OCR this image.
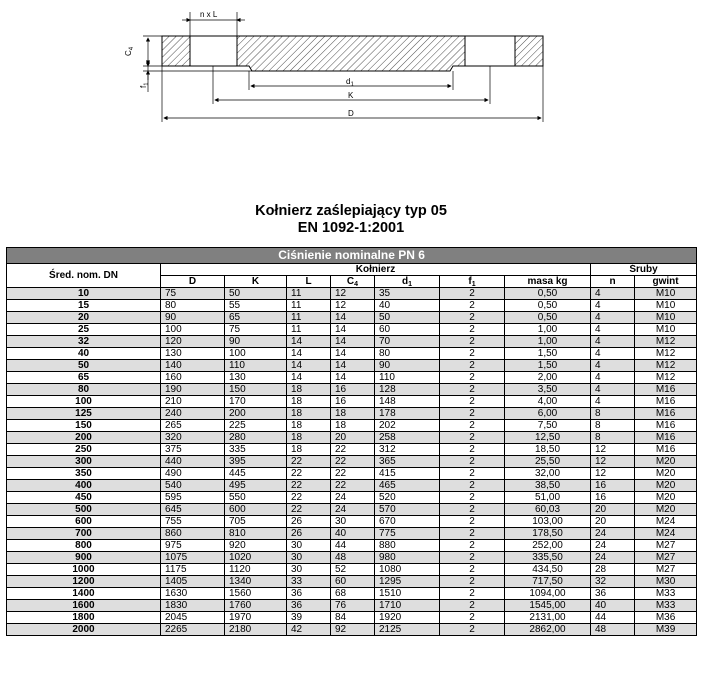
n x L
$C_4$
$f_1$	$d_1$
K
D
Kołnierz zaślepiający typ 05
EN 1092-1:2001
Ciśnienie nominalne PN 6									
Śred. nom. DN	Kołnierz							Śruby	
	D	K	L	$C_4$	$d_1$	$f_1$	masa kg	n	gwint
10	75	50	11	12	35	2	0,50	4	M10
15	80	55	11	12	40	2	0,50	4	M10
20	90	65	11	14	50	2	0,50	4	M10
25	100	75	11	14	60	2	1,00	4	M10
32	120	90	14	14	70	2	1,00	4	M12
40	130	100	14	14	80	2	1,50	4	M12
50	140	110	14	14	90	2	1,50	4	M12
65	160	130	14	14	110	2	2,00	4	M12
80	190	150	18	16	128	2	3,50	4	M16
100	210	170	18	16	148	2	4,00	4	M16
125	240	200	18	18	178	2	6,00	8	M16
150	265	225	18	18	202	2	7,50	8	M16
200	320	280	18	20	258	2	12,50	8	M16
250	375	335	18	22	312	2	18,50	12	M16
300	440	395	22	22	365	2	25,50	12	M20
350	490	445	22	22	415	2	32,00	12	M20
400	540	495	22	22	465	2	38,50	16	M20
450	595	550	22	24	520	2	51,00	16	M20
500	645	600	22	24	570	2	60,03	20	M20
600	755	705	26	30	670	2	103,00	20	M24
700	860	810	26	40	775	2	178,50	24	M24
800	975	920	30	44	880	2	252,00	24	M27
900	1075	1020	30	48	980	2	335,50	24	M27
1000	1175	1120	30	52	1080	2	434,50	28	M27
1200	1405	1340	33	60	1295	2	717,50	32	M30
1400	1630	1560	36	68	1510	2	1094,00	36	M33
1600	1830	1760	36	76	1710	2	1545,00	40	M33
1800	2045	1970	39	84	1920	2	2131,00	44	M36
2000	2265	2180	42	92	2125	2	2862,00	48	M39
